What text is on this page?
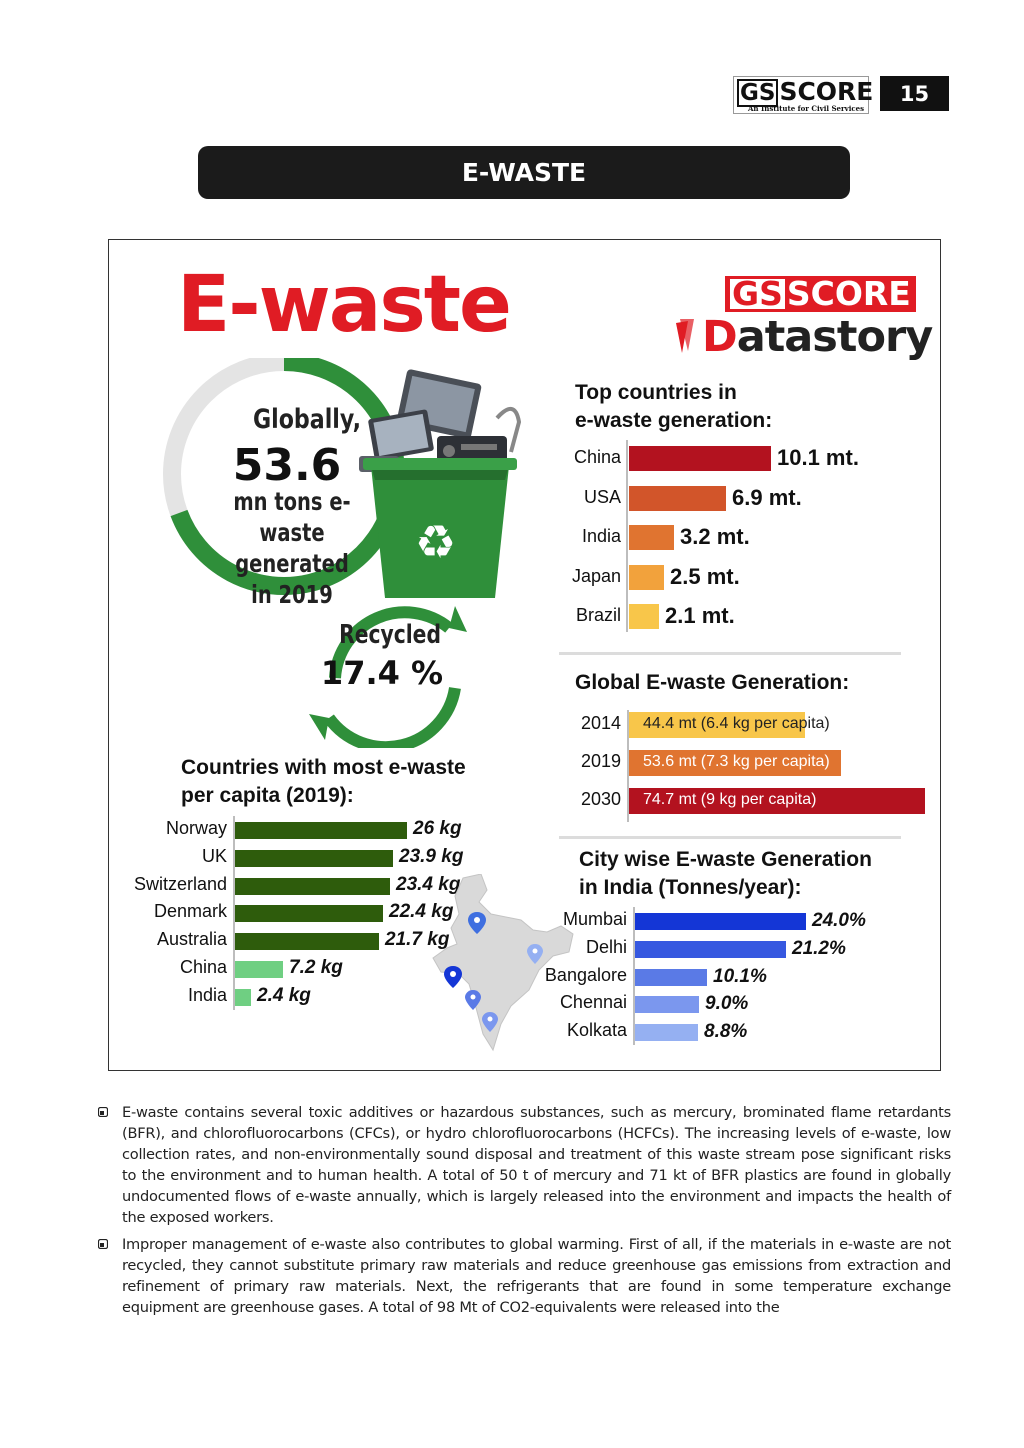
GS SCORE
An Institute for Civil Services
15
E-WASTE
E-waste	GS SCORE
Datastory
♻
Globally,
53.6
mn tons e-waste
generated
in 2019
Recycled
17.4 %
Top countries in
e-waste generation:
China	10.1 mt.
USA	6.9 mt.
India	3.2 mt.
Japan 2.5 mt.
Brazil 2.1 mt.
Global E-waste Generation:
2014 44.4 mt (6.4 kg per capita)
2019 53.6 mt (7.3 kg per capita)
2030 74.7 mt (9 kg per capita)
Countries with most e-waste
per capita (2019):
Norway	26 kg
UK	23.9 kg
Switzerland	23.4 kg
Denmark	22.4 kg
Australia	21.7 kg
China	7.2 kg
India 2.4 kg
City wise E-waste Generation
in India (Tonnes/year):
Mumbai	24.0%
Delhi	21.2%
Bangalore	10.1%
Chennai	9.0%
Kolkata	8.8%

E-waste contains several toxic additives or hazardous substances, such as mercury, brominated flame retardants (BFR), and chlorofluorocarbons (CFCs), or hydro chlorofluorocarbons (HCFCs). The increasing levels of e-waste, low collection rates, and non-environmentally sound disposal and treatment of this waste stream pose significant risks to the environment and to human health. A total of 50 t of mercury and 71 kt of BFR plastics are found in globally undocumented flows of e-waste annually, which is largely released into the environment and impacts the health of the exposed workers.

Improper management of e-waste also contributes to global warming. First of all, if the materials in e-waste are not recycled, they cannot substitute primary raw materials and reduce greenhouse gas emissions from extraction and refinement of primary raw materials. Next, the refrigerants that are found in some temperature exchange equipment are greenhouse gases. A total of 98 Mt of CO2-equivalents were released into the
